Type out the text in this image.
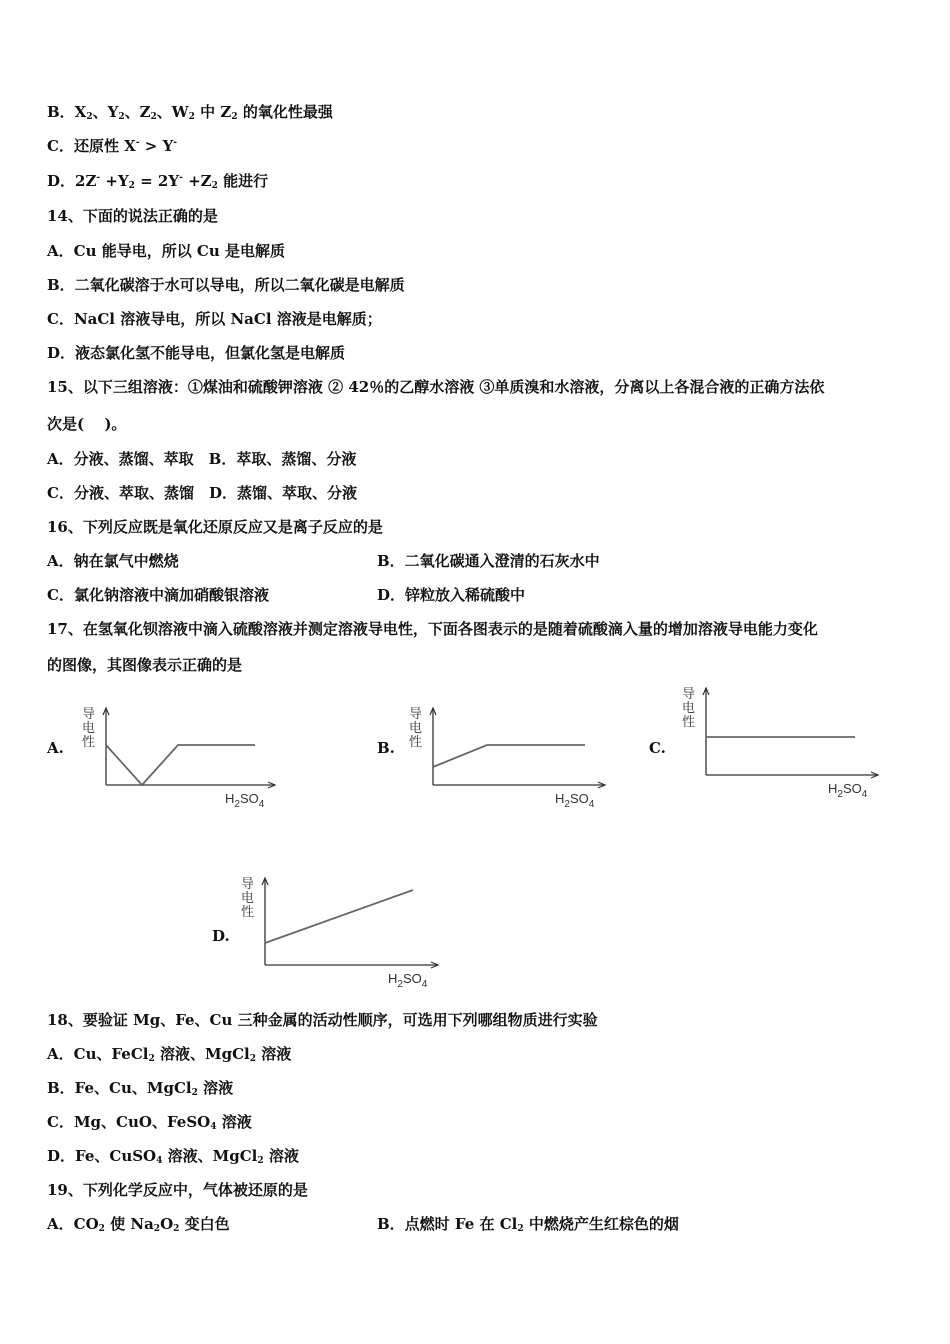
B．$X_2$、$Y_2$、$Z_2$、$W_2$ 中 $Z_2$ 的氧化性最强
C．还原性 X- > Y-
D．$2Z^- +Y_2 = 2Y^- +Z_2$ 能进行
14、下面的说法正确的是
A．Cu 能导电，所以 Cu 是电解质
B．二氧化碳溶于水可以导电，所以二氧化碳是电解质
C．NaCl 溶液导电，所以 NaCl 溶液是电解质；
D．液态氯化氢不能导电，但氯化氢是电解质
15、以下三组溶液：①煤油和硫酸钾溶液 ② 42％的乙醇水溶液 ③单质溴和水溶液，分离以上各混合液的正确方法依
次是(　 )。
A．分液、蒸馏、萃取　B．萃取、蒸馏、分液
C．分液、萃取、蒸馏　D．蒸馏、萃取、分液
16、下列反应既是氧化还原反应又是离子反应的是
A．钠在氯气中燃烧	B．二氧化碳通入澄清的石灰水中
C．氯化钠溶液中滴加硝酸银溶液	D．锌粒放入稀硫酸中
17、在氢氧化钡溶液中滴入硫酸溶液并测定溶液导电性，下面各图表示的是随着硫酸滴入量的增加溶液导电能力变化
的图像，其图像表示正确的是
18、要验证 Mg、Fe、Cu 三种金属的活动性顺序，可选用下列哪组物质进行实验
A．Cu、FeCl$_2$ 溶液、MgCl$_2$ 溶液
B．Fe、Cu、MgCl$_2$ 溶液
C．Mg、CuO、FeSO$_4$ 溶液
D．Fe、CuSO$_4$ 溶液、MgCl$_2$ 溶液
19、下列化学反应中，气体被还原的是
A．$CO_2$ 使 $Na_2O_2$ 变白色	B．点燃时 Fe 在 $Cl_2$ 中燃烧产生红棕色的烟
A.	B.	C.
D.
导电性
$H_2SO_4$
导电性
$H_2SO_4$
导电性
$H_2SO_4$
导电性
$H_2SO_4$
